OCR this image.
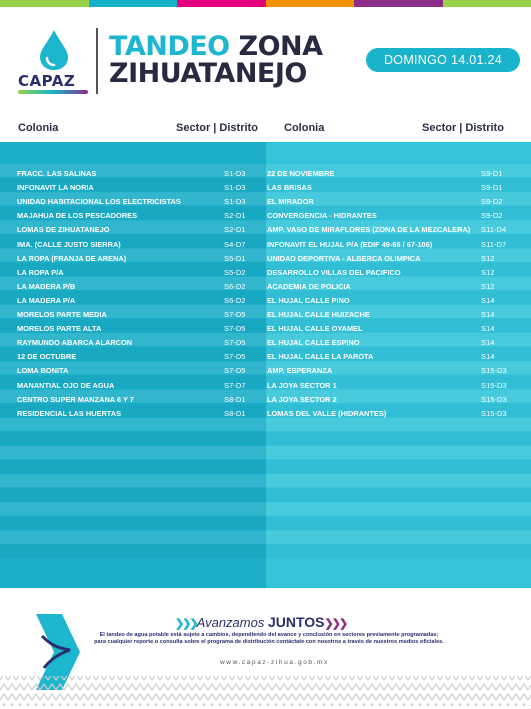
CAPAZ
TANDEO ZONA
ZIHUATANEJO	DOMINGO 14.01.24
Colonia	Sector | Distrito Colonia	Sector | Distrito
FRACC. LAS SALINAS	S1-D3
INFONAVIT LA NORIA	S1-D3
UNIDAD HABITACIONAL LOS ELECTRICISTAS	S1-D3
MAJAHUA DE LOS PESCADORES	S2-D1
LOMAS DE ZIHUATANEJO	S2-D1
IMA. (CALLE JUSTO SIERRA)	S4-D7
LA ROPA (FRANJA DE ARENA)	S5-D1
LA ROPA P/A	S5-D2
LA MADERA P/B	S6-D2
LA MADERA P/A	S6-D2
MORELOS PARTE MEDIA	S7-D5
MORELOS PARTE ALTA	S7-D5
RAYMUNDO ABARCA ALARCON	S7-D5
12 DE OCTUBRE	S7-D5
LOMA BONITA	S7-D5
MANANTIAL OJO DE AGUA	S7-D7
CENTRO SUPER MANZANA 6 Y 7	S8-D1
RESIDENCIAL LAS HUERTAS	S8-D1
22 DE NOVIEMBRE	S9-D1
LAS BRISAS	S9-D1
EL MIRADOR	S9-D2
CONVERGENCIA - HIDRANTES	S9-D2
AMP. VASO DE MIRAFLORES (ZONA DE LA MEZCALERA)	S11-D4
INFONAVIT EL HUJAL P/A (EDIF 49-66 / 67-106)	S11-D7
UNIDAD DEPORTIVA - ALBERCA OLIMPICA	S12
DESARROLLO VILLAS DEL PACIFICO	S12
ACADEMIA DE POLICIA	S12
EL HUJAL CALLE PINO	S14
EL HUJAL CALLE HUIZACHE	S14
EL HUJAL CALLE OYAMEL	S14
EL HUJAL CALLE ESPINO	S14
EL HUJAL CALLE LA PAROTA	S14
AMP. ESPERANZA	S15-D3
LA JOYA SECTOR 1	S15-D3
LA JOYA SECTOR 2	S15-D3
LOMAS DEL VALLE (HIDRANTES)	S15-D3
❯❯❯Avanzamos JUNTOS❯❯❯
El tandeo de agua potable está sujeto a cambios, dependiendo del avance y conclusión en sectores previamente programadas; para cualquier reporte o consulta sobre el programa de distribución contáctate con nosotros a través de nuestros medios oficiales.
www.capaz-zihua.gob.mx
